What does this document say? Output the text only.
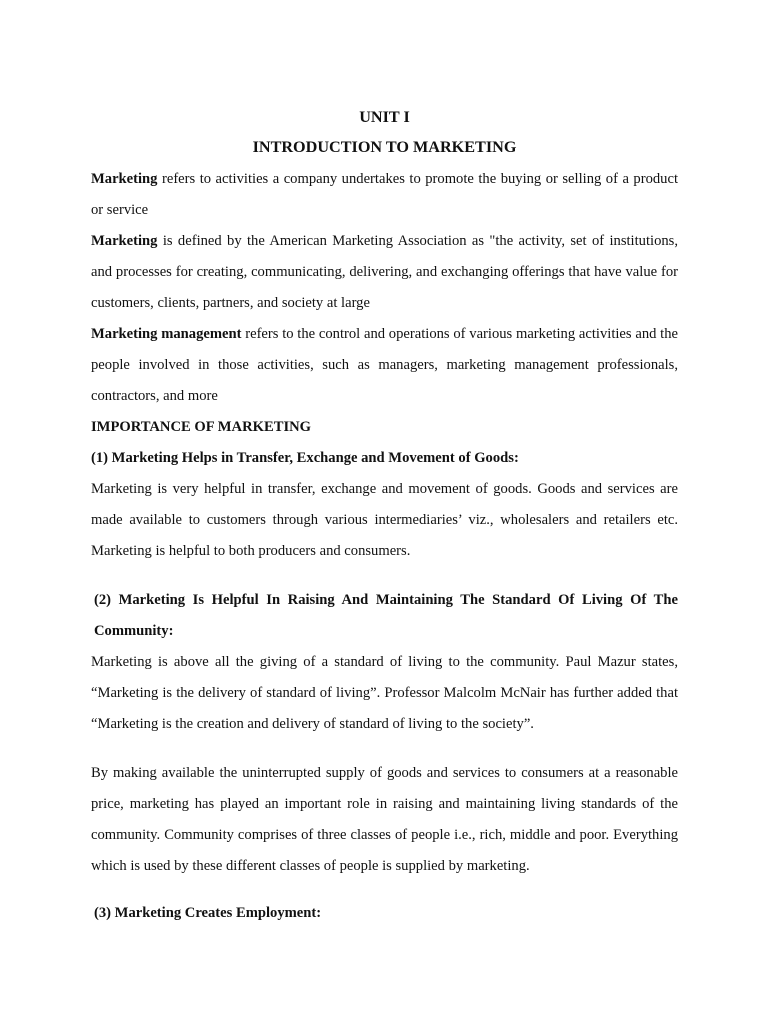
UNIT I
INTRODUCTION TO MARKETING

Marketing refers to activities a company undertakes to promote the buying or selling of a product or service

Marketing is defined by the American Marketing Association as "the activity, set of institutions, and processes for creating, communicating, delivering, and exchanging offerings that have value for customers, clients, partners, and society at large

Marketing management refers to the control and operations of various marketing activities and the people involved in those activities, such as managers, marketing management professionals, contractors, and more

IMPORTANCE OF MARKETING
(1) Marketing Helps in Transfer, Exchange and Movement of Goods:

Marketing is very helpful in transfer, exchange and movement of goods. Goods and services are made available to customers through various intermediaries’ viz., wholesalers and retailers etc. Marketing is helpful to both producers and consumers.

(2) Marketing Is Helpful In Raising And Maintaining The Standard Of Living Of The Community:

Marketing is above all the giving of a standard of living to the community. Paul Mazur states, “Marketing is the delivery of standard of living”. Professor Malcolm McNair has further added that “Marketing is the creation and delivery of standard of living to the society”.

By making available the uninterrupted supply of goods and services to consumers at a reasonable price, marketing has played an important role in raising and maintaining living standards of the community. Community comprises of three classes of people i.e., rich, middle and poor. Everything which is used by these different classes of people is supplied by marketing.

(3) Marketing Creates Employment:
